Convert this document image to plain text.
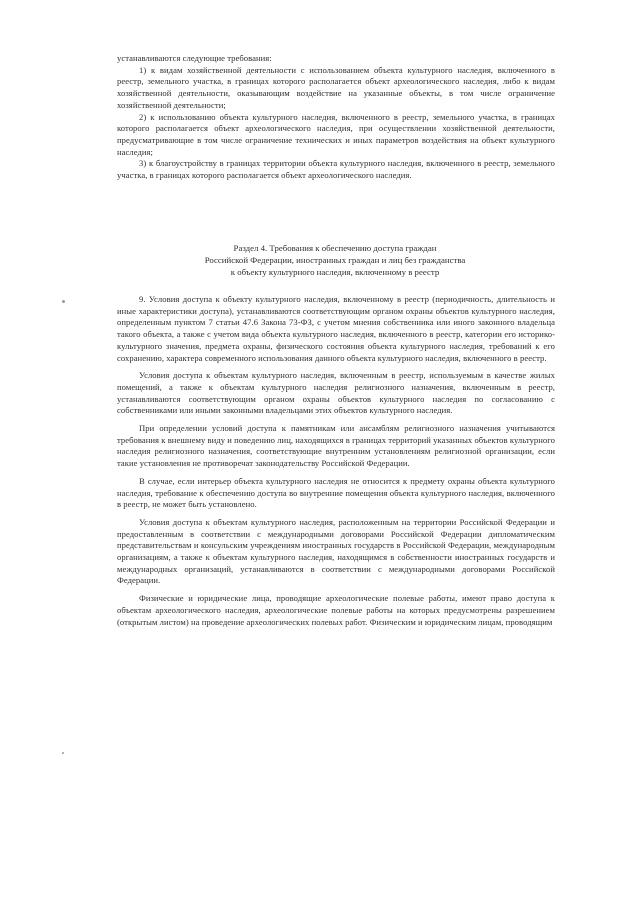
устанавливаются следующие требования:

1) к видам хозяйственной деятельности с использованием объекта культурного наследия, включенного в реестр, земельного участка, в границах которого располагается объект археологического наследия, либо к видам хозяйственной деятельности, оказывающим воздействие на указанные объекты, в том числе ограничение хозяйственной деятельности;

2) к использованию объекта культурного наследия, включенного в реестр, земельного участка, в границах которого располагается объект археологического наследия, при осуществлении хозяйственной деятельности, предусматривающие в том числе ограничение технических и иных параметров воздействия на объект культурного наследия;

3) к благоустройству в границах территории объекта культурного наследия, включенного в реестр, земельного участка, в границах которого располагается объект археологического наследия.

Раздел 4. Требования к обеспечению доступа граждан
Российской Федерации, иностранных граждан и лиц без гражданства
к объекту культурного наследия, включенному в реестр

9. Условия доступа к объекту культурного наследия, включенному в реестр (периодичность, длительность и иные характеристики доступа), устанавливаются соответствующим органом охраны объектов культурного наследия, определенным пунктом 7 статьи 47.6 Закона 73-ФЗ, с учетом мнения собственника или иного законного владельца такого объекта, а также с учетом вида объекта культурного наследия, включенного в реестр, категории его историко-культурного значения, предмета охраны, физического состояния объекта культурного наследия, требований к его сохранению, характера современного использования данного объекта культурного наследия, включенного в реестр.

Условия доступа к объектам культурного наследия, включенным в реестр, используемым в качестве жилых помещений, а также к объектам культурного наследия религиозного назначения, включенным в реестр, устанавливаются соответствующим органом охраны объектов культурного наследия по согласованию с собственниками или иными законными владельцами этих объектов культурного наследия.

При определении условий доступа к памятникам или ансамблям религиозного назначения учитываются требования к внешнему виду и поведению лиц, находящихся в границах территорий указанных объектов культурного наследия религиозного назначения, соответствующие внутренним установлениям религиозной организации, если такие установления не противоречат законодательству Российской Федерации.

В случае, если интерьер объекта культурного наследия не относится к предмету охраны объекта культурного наследия, требование к обеспечению доступа во внутренние помещения объекта культурного наследия, включенного в реестр, не может быть установлено.

Условия доступа к объектам культурного наследия, расположенным на территории Российской Федерации и предоставленным в соответствии с международными договорами Российской Федерации дипломатическим представительствам и консульским учреждениям иностранных государств в Российской Федерации, международным организациям, а также к объектам культурного наследия, находящимся в собственности иностранных государств и международных организаций, устанавливаются в соответствии с международными договорами Российской Федерации.

Физические и юридические лица, проводящие археологические полевые работы, имеют право доступа к объектам археологического наследия, археологические полевые работы на которых предусмотрены разрешением (открытым листом) на проведение археологических полевых работ. Физическим и юридическим лицам, проводящим
